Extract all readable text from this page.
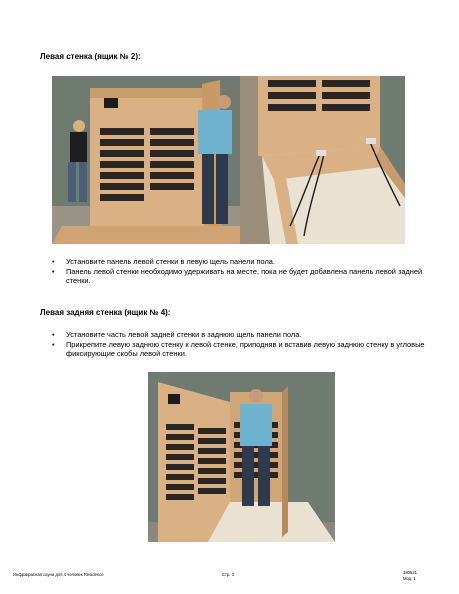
Левая стенка (ящик № 2):
• Установите панель левой стенки в левую щель панели пола.
• Панель левой стенки необходимо удерживать на месте, пока не будет добавлена панель левой задней стенки.
Левая задняя стенка (ящик № 4):
• Установите часть левой задней стенки в заднюю щель панели пола.
• Прикрепите левую заднюю стенку к левой стенке, приподняв и вставив левую заднюю стенку в угловые фиксирующие скобы левой стенки.
Инфракрасная сауна для 4 человек Residence	Стр. 3	180521
Мод. 1
